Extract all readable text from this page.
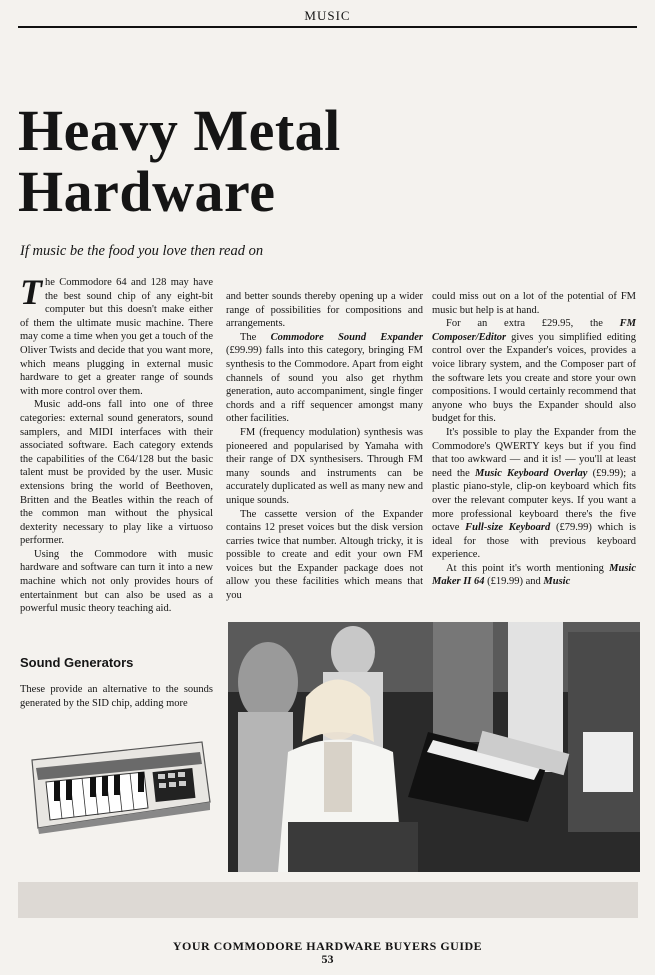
MUSIC
Heavy Metal
Hardware
If music be the food you love then read on

The Commodore 64 and 128 may have the best sound chip of any eight-bit computer but this doesn't make either of them the ultimate music machine. There may come a time when you get a touch of the Oliver Twists and decide that you want more, which means plugging in external music hardware to get a greater range of sounds with more control over them.

Music add-ons fall into one of three categories: external sound generators, sound samplers, and MIDI interfaces with their associated software. Each category extends the capabilities of the C64/128 but the basic talent must be provided by the user. Music extensions bring the world of Beethoven, Britten and the Beatles within the reach of the common man without the physical dexterity necessary to play like a virtuoso performer.

Using the Commodore with music hardware and software can turn it into a new machine which not only provides hours of entertainment but can also be used as a powerful music theory teaching aid.

Sound Generators

These provide an alternative to the sounds generated by the SID chip, adding more

and better sounds thereby opening up a wider range of possibilities for compositions and arrangements.

The Commodore Sound Expander (£99.99) falls into this category, bringing FM synthesis to the Commodore. Apart from eight channels of sound you also get rhythm generation, auto accompaniment, single finger chords and a riff sequencer amongst many other facilities.

FM (frequency modulation) synthesis was pioneered and popularised by Yamaha with their range of DX synthesisers. Through FM many sounds and instruments can be accurately duplicated as well as many new and unique sounds.

The cassette version of the Expander contains 12 preset voices but the disk version carries twice that number. Altough tricky, it is possible to create and edit your own FM voices but the Expander package does not allow you these facilities which means that you

could miss out on a lot of the potential of FM music but help is at hand.

For an extra £29.95, the FM Composer/Editor gives you simplified editing control over the Expander's voices, provides a voice library system, and the Composer part of the software lets you create and store your own compositions. I would certainly recommend that anyone who buys the Expander should also budget for this.

It's possible to play the Expander from the Commodore's QWERTY keys but if you find that too awkward — and it is! — you'll at least need the Music Keyboard Overlay (£9.99); a plastic piano-style, clip-on keyboard which fits over the relevant computer keys. If you want a more professional keyboard there's the five octave Full-size Keyboard (£79.99) which is ideal for those with previous keyboard experience.

At this point it's worth mentioning Music Maker II 64 (£19.99) and Music

YOUR COMMODORE HARDWARE BUYERS GUIDE
53
